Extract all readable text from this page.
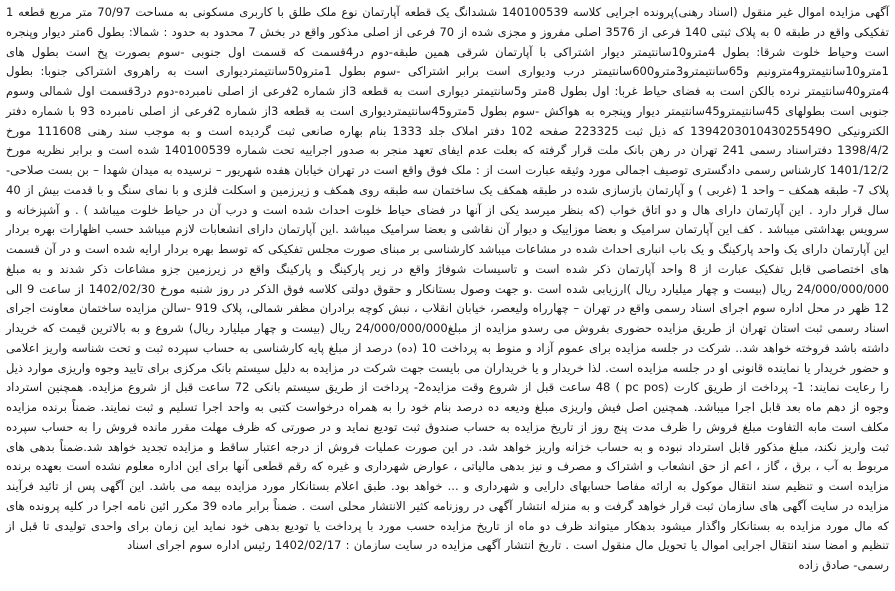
آگهی مزایده اموال غیر منقول (اسناد رهنی)پرونده اجرایی کلاسه 140100539 ششدانگ یک قطعه آپارتمان نوع ملک طلق با کاربری مسکونی به مساحت 70/97 متر مربع قطعه 1 تفکیکی واقع در طبقه 0 به پلاک ثبتی 140 فرعی از 3576 اصلی مفروز و مجزی شده از 70 فرعی از اصلی مذکور واقع در بخش 7 محدود به حدود : شمالا: بطول 6متر دیوار وپنجره است وحیاط خلوت شرقا: بطول 4مترو10سانتیمتر دیوار اشتراکی با آپارتمان شرقی همین طبقه-دوم در4قسمت که قسمت اول جنوبی -سوم بصورت پخ است بطول های 1مترو10سانتیمترو4مترونیم و65سانتیمترو3مترو600سانتیمتر درب وديواری است برابر اشتراکی -سوم بطول 1مترو50سانتیمتردیواری است به راهروی اشتراکی جنوبا: بطول 4مترو40سانتیمتر نرده بالکن است به فضای حیاط غربا: اول بطول 8متر و5سانتیمتر دیواری است به قطعه 3از شماره 2فرعی از اصلی نامبرده-دوم در3قسمت اول شمالی وسوم جنوبی است بطولهای 45سانتیمترو45سانتیمتر دیوار وپنجره به هواکش -سوم بطول 5مترو45سانتیمتردیواری است به قطعه 3از شماره 2فرعی از اصلی نامبرده 93 با شماره دفتر الکترونیکی 139420301043025549O که ذیل ثبت 223325 صفحه 102 دفتر املاک جلد 1333 بنام بهاره صانعی ثبت گردیده است و به موجب سند رهنی 111608 مورخ 1398/4/2 دفتراسناد رسمی 241 تهران در رهن بانک ملت قرار گرفته که بعلت عدم ایفای تعهد منجر به صدور اجراییه تحت شماره 140100539 شده است و برابر نظریه مورخ 1401/12/2 کارشناس رسمی دادگستری توصیف اجمالی مورد وثیقه عبارت است از : ملک فوق واقع است در تهران خیابان هفده شهریور – نرسیده به میدان شهدا – بن بست صلاحی- پلاک 7- طبقه همکف – واحد 1 (غربی ) و آپارتمان بازسازی شده در طبقه همکف یک ساختمان سه طبقه روی همکف و زیرزمین و اسکلت فلزی و با نمای سنگ و با قدمت بیش از 40 سال قرار دارد . این آپارتمان دارای هال و دو اتاق خواب (که بنظر میرسد یکی از آنها در فضای حیاط خلوت احداث شده است و درب آن در حیاط خلوت میباشد ) . و آشپزخانه و سرویس بهداشتی میباشد . کف این آپارتمان سرامیک و بعضا موزاییک و دیوار آن نقاشی و بعضا سرامیک میباشد .این آپارتمان دارای انشعابات لازم میباشد حسب اظهارات بهره بردار این آپارتمان دارای یک واحد پارکینگ و یک باب انباری احداث شده در مشاعات میباشد کارشناسی بر مبنای صورت مجلس تفکیکی که توسط بهره بردار ارایه شده است و در آن قسمت های اختصاصی قابل تفکیک عبارت از 8 واحد آپارتمان ذکر شده است و تاسیسات شوفاژ واقع در زیر پارکینگ و پارکینگ واقع در زیرزمین جزو مشاعات ذکر شدند و به مبلغ 24/000/000/000 ریال (بیست و چهار میلیارد ریال )ارزیابی شده است .و جهت وصول بستانکار و حقوق دولتی کلاسه فوق الذکر در روز شنبه مورخ 1402/02/30 از ساعت 9 الی 12 ظهر در محل اداره سوم اجرای اسناد رسمی واقع در تهران – چهارراه ولیعصر، خیابان انقلاب ، نبش کوچه برادران مظفر شمالی، پلاک 919 -سالن مزایده ساختمان معاونت اجرای اسناد رسمی ثبت استان تهران از طریق مزایده حضوری بفروش می رسدو مزایده از مبلغ24/000/000/000 ریال (بیست و چهار میلیارد ریال) شروع و به بالاترین قیمت که خریدار داشته باشد فروخته خواهد شد.. شرکت در جلسه مزایده برای عموم آزاد و منوط به پرداخت 10 (ده) درصد از مبلغ پایه کارشناسی به حساب سپرده ثبت و تحت شناسه واریز اعلامی و حضور خریدار یا نماینده قانونی او در جلسه مزایده است. لذا خریدار و یا خریداران می بایست جهت شرکت در مزایده به دلیل سیستم بانک مرکزی برای تایید وجوه واریزی موارد ذیل را رعایت نمایند: 1- پرداخت از طریق کارت (pc pos ) 48 ساعت قبل از شروع وقت مزایده2- پرداخت از طریق سیستم بانکی 72 ساعت قبل از شروع مزایده. همچنین استرداد وجوه از دهم ماه بعد قابل اجرا میباشد. همچنین اصل فیش واریزی مبلغ ودیعه ده درصد بنام خود را به همراه درخواست کتبی به واحد اجرا تسلیم و ثبت نمایند. ضمناً برنده مزایده مکلف است مابه التفاوت مبلغ فروش را ظرف مدت پنج روز از تاریخ مزایده به حساب صندوق ثبت تودیع نماید و در صورتی که ظرف مهلت مقرر مانده فروش را به حساب سپرده ثبت واریز نکند، مبلغ مذکور قابل استرداد نبوده و به حساب خزانه واریز خواهد شد. در این صورت عملیات فروش از درجه اعتبار ساقط و مزایده تجدید خواهد شد.ضمناً بدهی های مربوط به آب ، برق ، گاز ، اعم از حق انشعاب و اشتراک و مصرف و نیز بدهی مالیاتی ، عوارض شهرداری و غیره که رقم قطعی آنها برای این اداره معلوم نشده است بعهده برنده مزایده است و تنظیم سند انتقال موکول به ارائه مفاصا حسابهای دارایی و شهرداری و ... خواهد بود. طبق اعلام بستانکار مورد مزایده بیمه می باشد. این آگهی پس از تائید فرآیند مزایده در سایت آگهی های سازمان ثبت قرار خواهد گرفت و به منزله انتشار آگهی در روزنامه کثیر الانتشار محلی است . ضمناً برابر ماده 39 مکرر ائین نامه اجرا در کلیه پرونده های که مال مورد مزایده به بستانکار واگذار میشود بدهکار میتواند ظرف دو ماه از تاریخ مزایده حسب مورد با پرداخت یا تودیع بدهی خود نماید این زمان برای واحدی تولیدی تا قبل از تنظیم و امضا سند انتقال اجرایی اموال یا تحویل مال منقول است . تاریخ انتشار آگهی مزایده در سایت سازمان : 1402/02/17 رئیس اداره سوم اجرای اسناد

رسمی- صادق زاده
